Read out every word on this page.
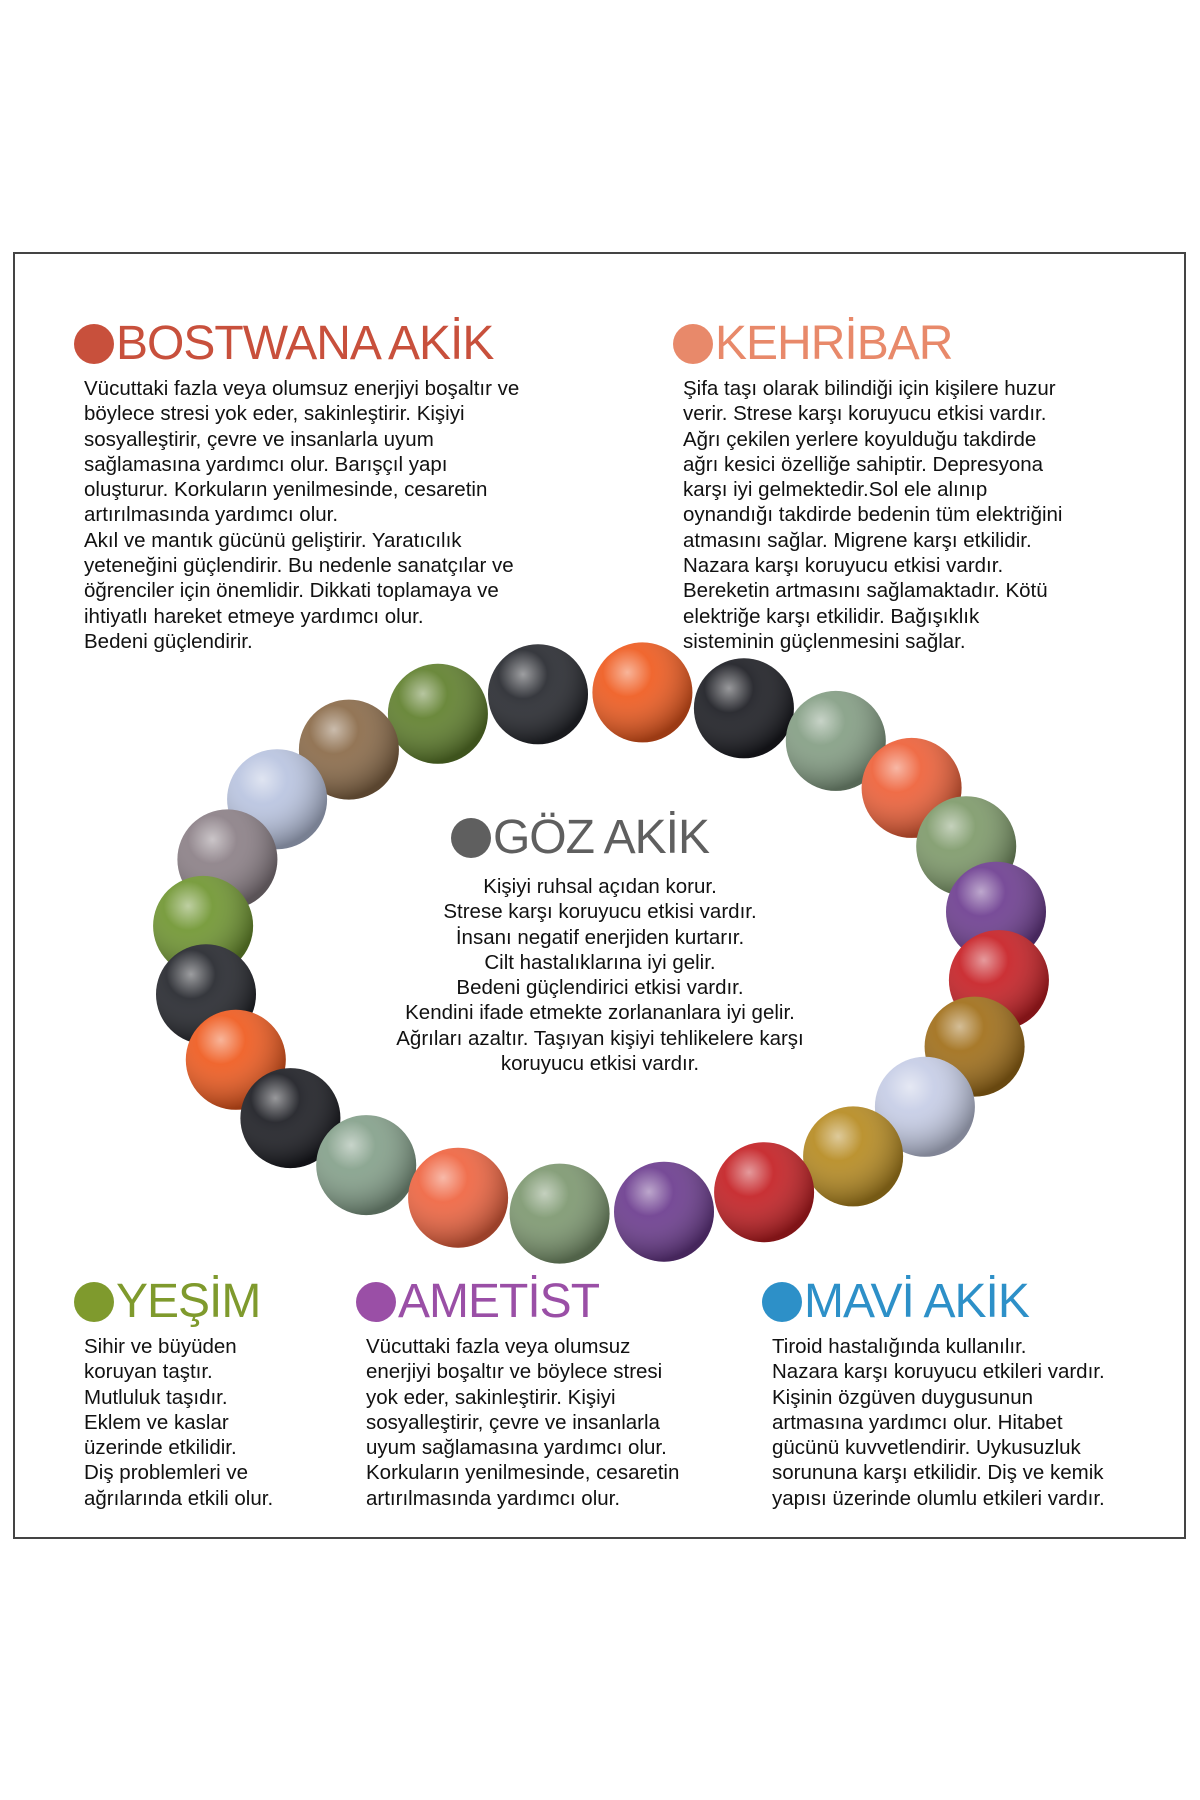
BOSTWANA AKİK

Vücuttaki fazla veya olumsuz enerjiyi boşaltır ve

böylece stresi yok eder, sakinleştirir. Kişiyi

sosyalleştirir, çevre ve insanlarla uyum

sağlamasına yardımcı olur. Barışçıl yapı

oluşturur. Korkuların yenilmesinde, cesaretin

artırılmasında yardımcı olur.

Akıl ve mantık gücünü geliştirir. Yaratıcılık

yeteneğini güçlendirir. Bu nedenle sanatçılar ve

öğrenciler için önemlidir. Dikkati toplamaya ve

ihtiyatlı hareket etmeye yardımcı olur.

Bedeni güçlendirir.

KEHRİBAR

Şifa taşı olarak bilindiği için kişilere huzur

verir. Strese karşı koruyucu etkisi vardır.

Ağrı çekilen yerlere koyulduğu takdirde

ağrı kesici özelliğe sahiptir. Depresyona

karşı iyi gelmektedir.Sol ele alınıp

oynandığı takdirde bedenin tüm elektriğini

atmasını sağlar. Migrene karşı etkilidir.

Nazara karşı koruyucu etkisi vardır.

Bereketin artmasını sağlamaktadır. Kötü

elektriğe karşı etkilidir. Bağışıklık

sisteminin güçlenmesini sağlar.

GÖZ AKİK

Kişiyi ruhsal açıdan korur.

Strese karşı koruyucu etkisi vardır.

İnsanı negatif enerjiden kurtarır.

Cilt hastalıklarına iyi gelir.

Bedeni güçlendirici etkisi vardır.

Kendini ifade etmekte zorlananlara iyi gelir.

Ağrıları azaltır. Taşıyan kişiyi tehlikelere karşı

koruyucu etkisi vardır.

YEŞİM

Sihir ve büyüden

koruyan taştır.

Mutluluk taşıdır.

Eklem ve kaslar

üzerinde etkilidir.

Diş problemleri ve

ağrılarında etkili olur.

AMETİST

Vücuttaki fazla veya olumsuz

enerjiyi boşaltır ve böylece stresi

yok eder, sakinleştirir. Kişiyi

sosyalleştirir, çevre ve insanlarla

uyum sağlamasına yardımcı olur.

Korkuların yenilmesinde, cesaretin

artırılmasında yardımcı olur.

MAVİ AKİK

Tiroid hastalığında kullanılır.

Nazara karşı koruyucu etkileri vardır.

Kişinin özgüven duygusunun

artmasına yardımcı olur. Hitabet

gücünü kuvvetlendirir. Uykusuzluk

sorununa karşı etkilidir. Diş ve kemik

yapısı üzerinde olumlu etkileri vardır.
